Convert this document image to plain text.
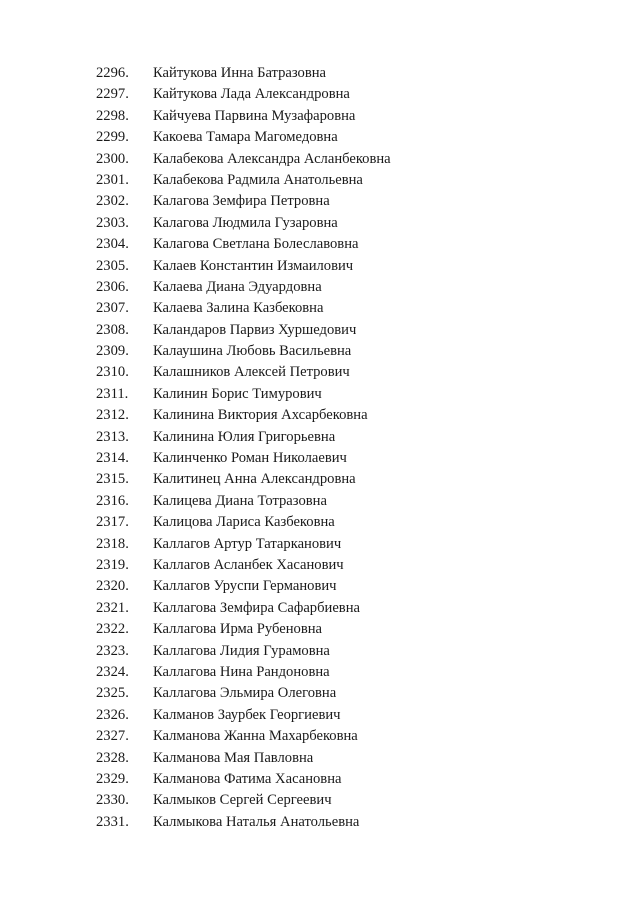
2296.	Кайтукова Инна Батразовна
2297.	Кайтукова Лада Александровна
2298.	Кайчуева Парвина Музафаровна
2299.	Какоева Тамара Магомедовна
2300.	Калабекова Александра Асланбековна
2301.	Калабекова Радмила Анатольевна
2302.	Калагова Земфира Петровна
2303.	Калагова Людмила Гузаровна
2304.	Калагова Светлана Болеславовна
2305.	Калаев Константин Измаилович
2306.	Калаева Диана Эдуардовна
2307.	Калаева Залина Казбековна
2308.	Каландаров Парвиз Хуршедович
2309.	Калаушина Любовь Васильевна
2310.	Калашников Алексей Петрович
2311.	Калинин Борис Тимурович
2312.	Калинина Виктория Ахсарбековна
2313.	Калинина Юлия Григорьевна
2314.	Калинченко Роман Николаевич
2315.	Калитинец Анна Александровна
2316.	Калицева Диана Тотразовна
2317.	Калицова Лариса Казбековна
2318.	Каллагов Артур Татарканович
2319.	Каллагов Асланбек Хасанович
2320.	Каллагов Уруспи Германович
2321.	Каллагова Земфира Сафарбиевна
2322.	Каллагова Ирма Рубеновна
2323.	Каллагова Лидия Гурамовна
2324.	Каллагова Нина Рандоновна
2325.	Каллагова Эльмира Олеговна
2326.	Калманов Заурбек Георгиевич
2327.	Калманова Жанна Махарбековна
2328.	Калманова Мая Павловна
2329.	Калманова Фатима Хасановна
2330.	Калмыков Сергей Сергеевич
2331.	Калмыкова Наталья Анатольевна
